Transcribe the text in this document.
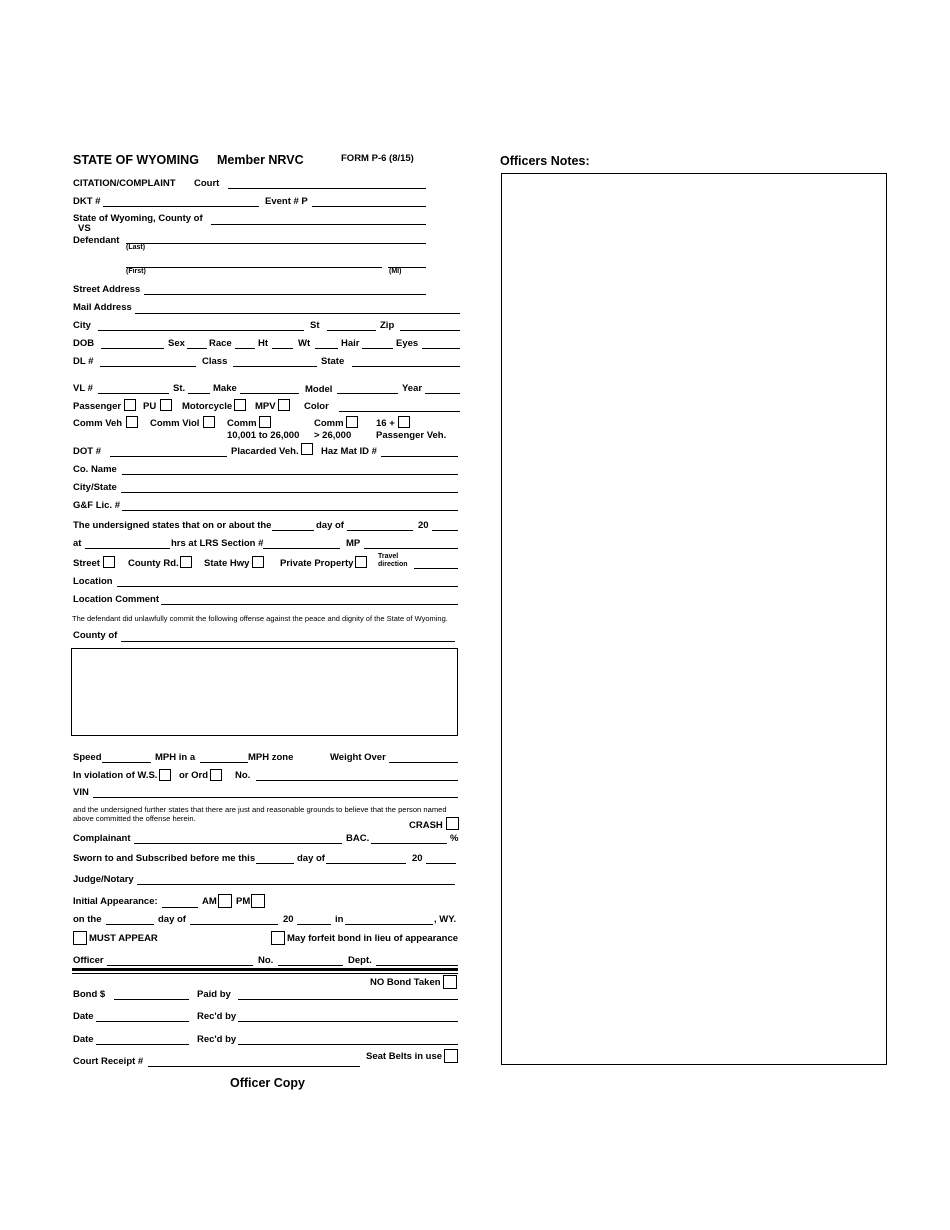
STATE OF WYOMING Member NRVC	FORM P-6 (8/15)	Officers Notes:
CITATION/COMPLAINT Court
DKT #	Event # P
State of Wyoming, County of
VS
Defendant
(Last)
(First)	(MI)
Street Address
Mail Address
City	St	Zip
DOB	Sex	Race	Ht	Wt	Hair	Eyes
DL #	Class	State
VL #	St.	Make	Model	Year
Passenger PU	Motorcycle MPV	Color
Comm Veh	Comm Viol	Comm	Comm	16 +
10,001 to 26,000 > 26,000	Passenger Veh.
DOT #	Placarded Veh. Haz Mat ID #
Co. Name
City/State
G&F Lic. #
The undersigned states that on or about the	day of	20
at	hrs at LRS Section #	MP
Street	County Rd.	State Hwy	Private Property
Travel
direction
Location
Location Comment
The defendant did unlawfully commit the following offense against the peace and dignity of the State of Wyoming.
County of
Speed	MPH in a	MPH zone	Weight Over
In violation of W.S. or Ord	No.
VIN
and the undersigned further states that there are just and reasonable grounds to believe that the person named
above committed the offense herein.
CRASH
Complainant	BAC.	%
Sworn to and Subscribed before me this	day of	20
Judge/Notary
Initial Appearance:	AM PM
on the	day of	20	in	, WY.
MUST APPEAR	May forfeit bond in lieu of appearance
Officer	No.	Dept.
NO Bond Taken
Bond $	Paid by
Date	Rec'd by
Date	Rec'd by
Court Receipt #	Seat Belts in use
Officer Copy
